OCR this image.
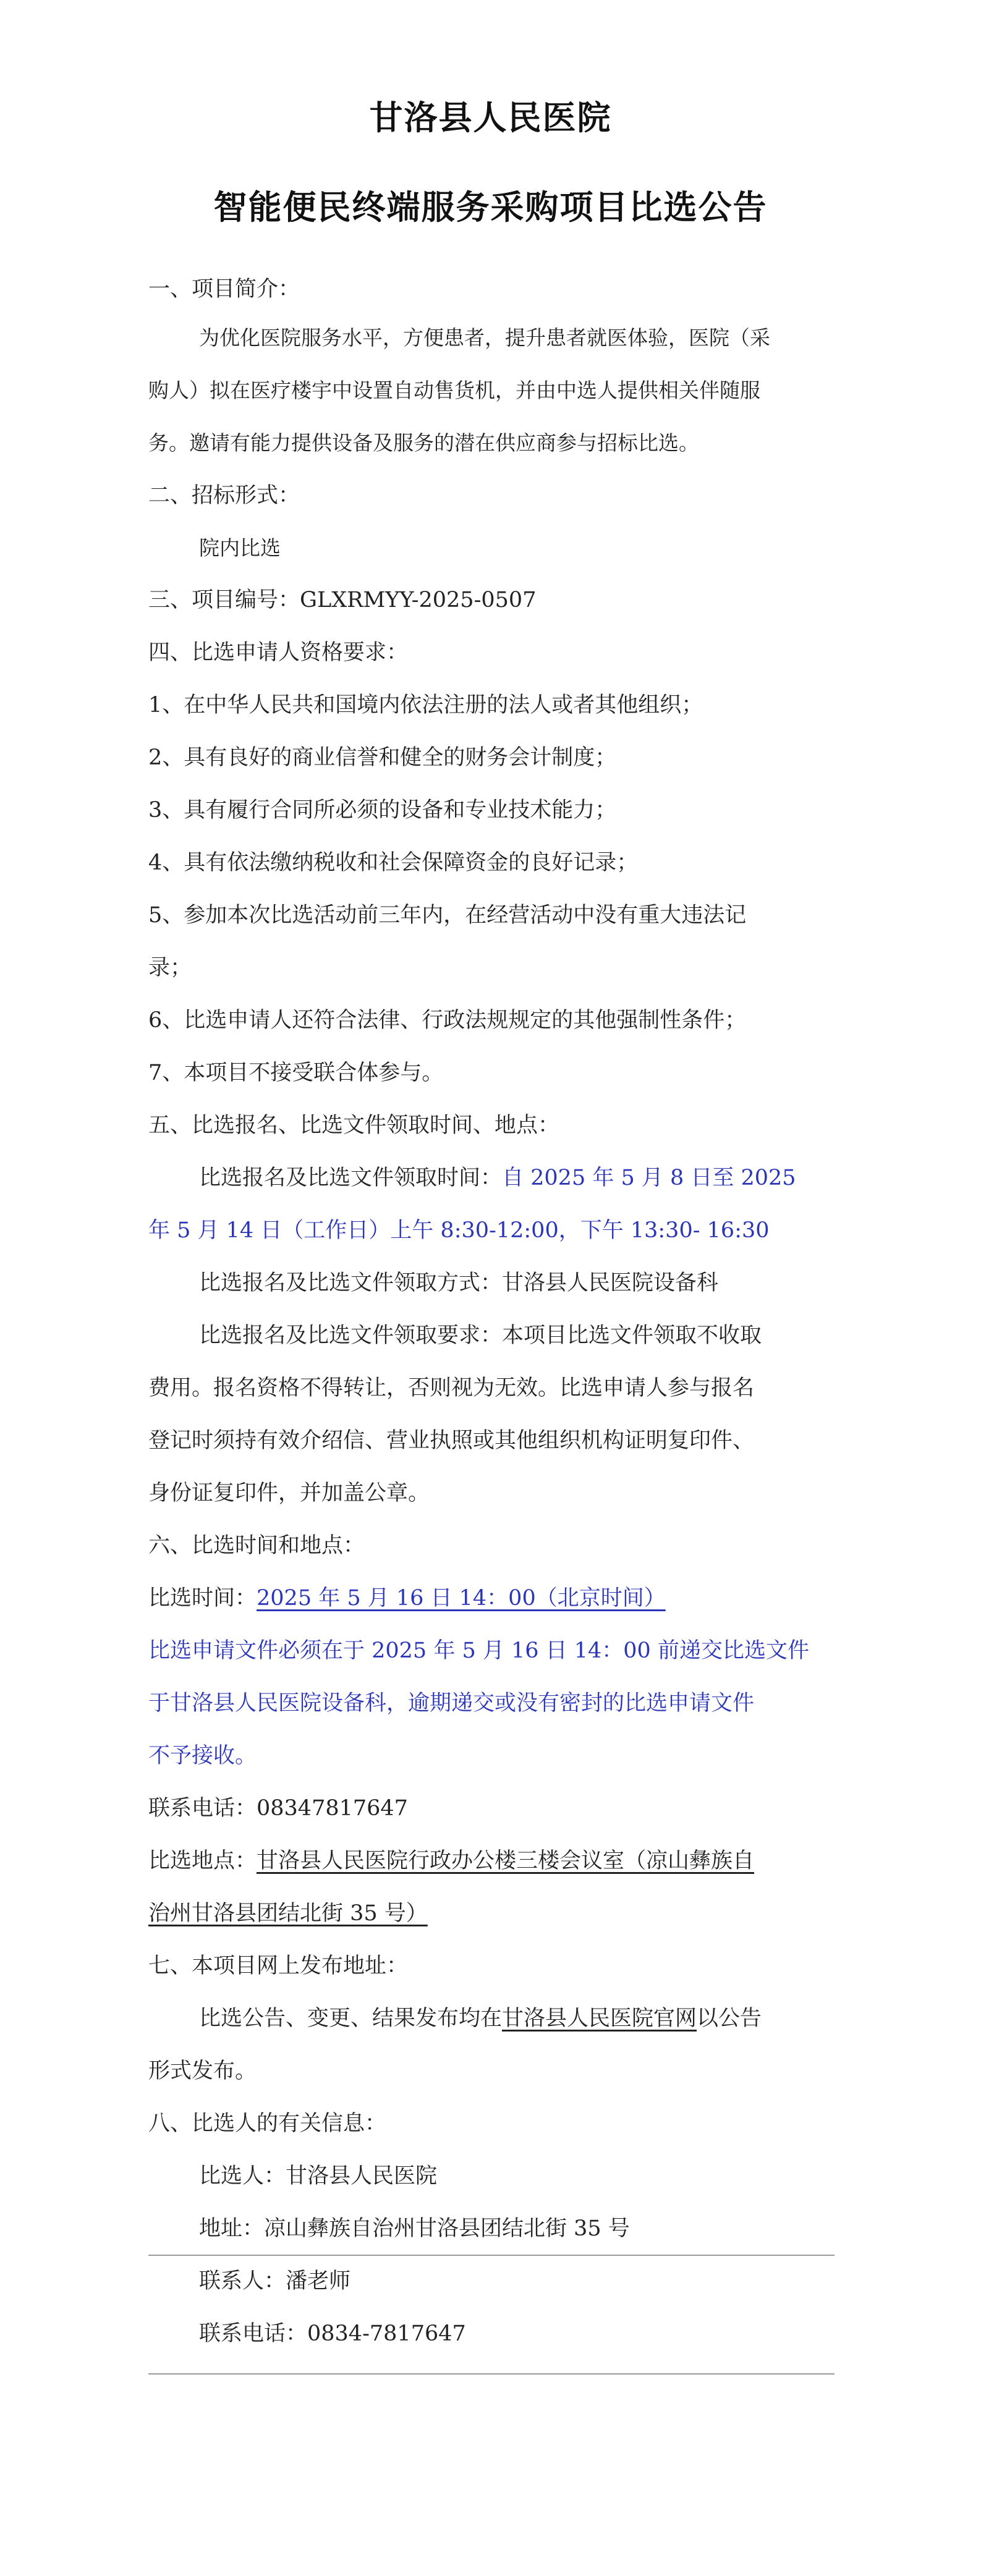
甘洛县人民医院
智能便民终端服务采购项目比选公告
一、项目简介：
为优化医院服务水平，方便患者，提升患者就医体验，医院（采
购人）拟在医疗楼宇中设置自动售货机，并由中选人提供相关伴随服
务。邀请有能力提供设备及服务的潜在供应商参与招标比选。
二、招标形式：
院内比选
三、项目编号：GLXRMYY-2025-0507
四、比选申请人资格要求：
1、在中华人民共和国境内依法注册的法人或者其他组织；
2、具有良好的商业信誉和健全的财务会计制度；
3、具有履行合同所必须的设备和专业技术能力；
4、具有依法缴纳税收和社会保障资金的良好记录；
5、参加本次比选活动前三年内，在经营活动中没有重大违法记
录；
6、比选申请人还符合法律、行政法规规定的其他强制性条件；
7、本项目不接受联合体参与。
五、比选报名、比选文件领取时间、地点：
比选报名及比选文件领取时间：自 2025 年 5 月 8 日至 2025
年 5 月 14 日（工作日）上午 8:30-12:00，下午 13:30- 16:30
比选报名及比选文件领取方式：甘洛县人民医院设备科
比选报名及比选文件领取要求：本项目比选文件领取不收取
费用。报名资格不得转让，否则视为无效。比选申请人参与报名
登记时须持有效介绍信、营业执照或其他组织机构证明复印件、
身份证复印件，并加盖公章。
六、比选时间和地点：
比选时间：2025 年 5 月 16 日 14：00（北京时间）
比选申请文件必须在于 2025 年 5 月 16 日 14：00 前递交比选文件
于甘洛县人民医院设备科，逾期递交或没有密封的比选申请文件
不予接收。
联系电话：08347817647
比选地点：甘洛县人民医院行政办公楼三楼会议室（凉山彝族自
治州甘洛县团结北街 35 号）
七、本项目网上发布地址：
比选公告、变更、结果发布均在甘洛县人民医院官网以公告
形式发布。
八、比选人的有关信息：
比选人：甘洛县人民医院
地址：凉山彝族自治州甘洛县团结北街 35 号
联系人：潘老师
联系电话：0834-7817647
